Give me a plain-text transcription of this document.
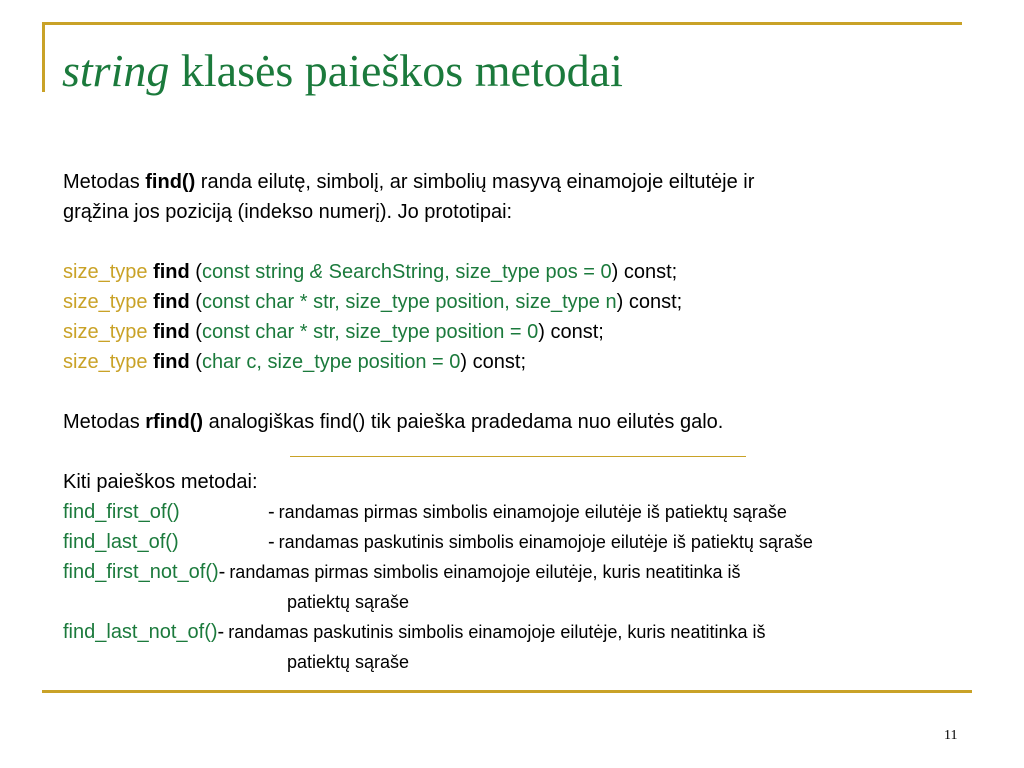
string klasės paieškos metodai
Metodas find() randa eilutę, simbolį, ar simbolių masyvą einamojoje eiltutėje ir
grąžina jos poziciją (indekso numerį). Jo prototipai:
size_type find (const string & SearchString, size_type pos = 0) const;
size_type find (const char * str, size_type position, size_type n) const;
size_type find (const char * str, size_type position = 0) const;
size_type find (char c, size_type position = 0) const;
Metodas rfind() analogiškas find() tik paieška pradedama nuo eilutės galo.
Kiti paieškos metodai:
find_first_of()	- randamas pirmas simbolis einamojoje eilutėje iš patiektų sąraše
find_last_of()	- randamas paskutinis simbolis einamojoje eilutėje iš patiektų sąraše
find_first_not_of() - randamas pirmas simbolis einamojoje eilutėje, kuris neatitinka iš
patiektų sąraše
find_last_not_of() - randamas paskutinis simbolis einamojoje eilutėje, kuris neatitinka iš
patiektų sąraše
11
